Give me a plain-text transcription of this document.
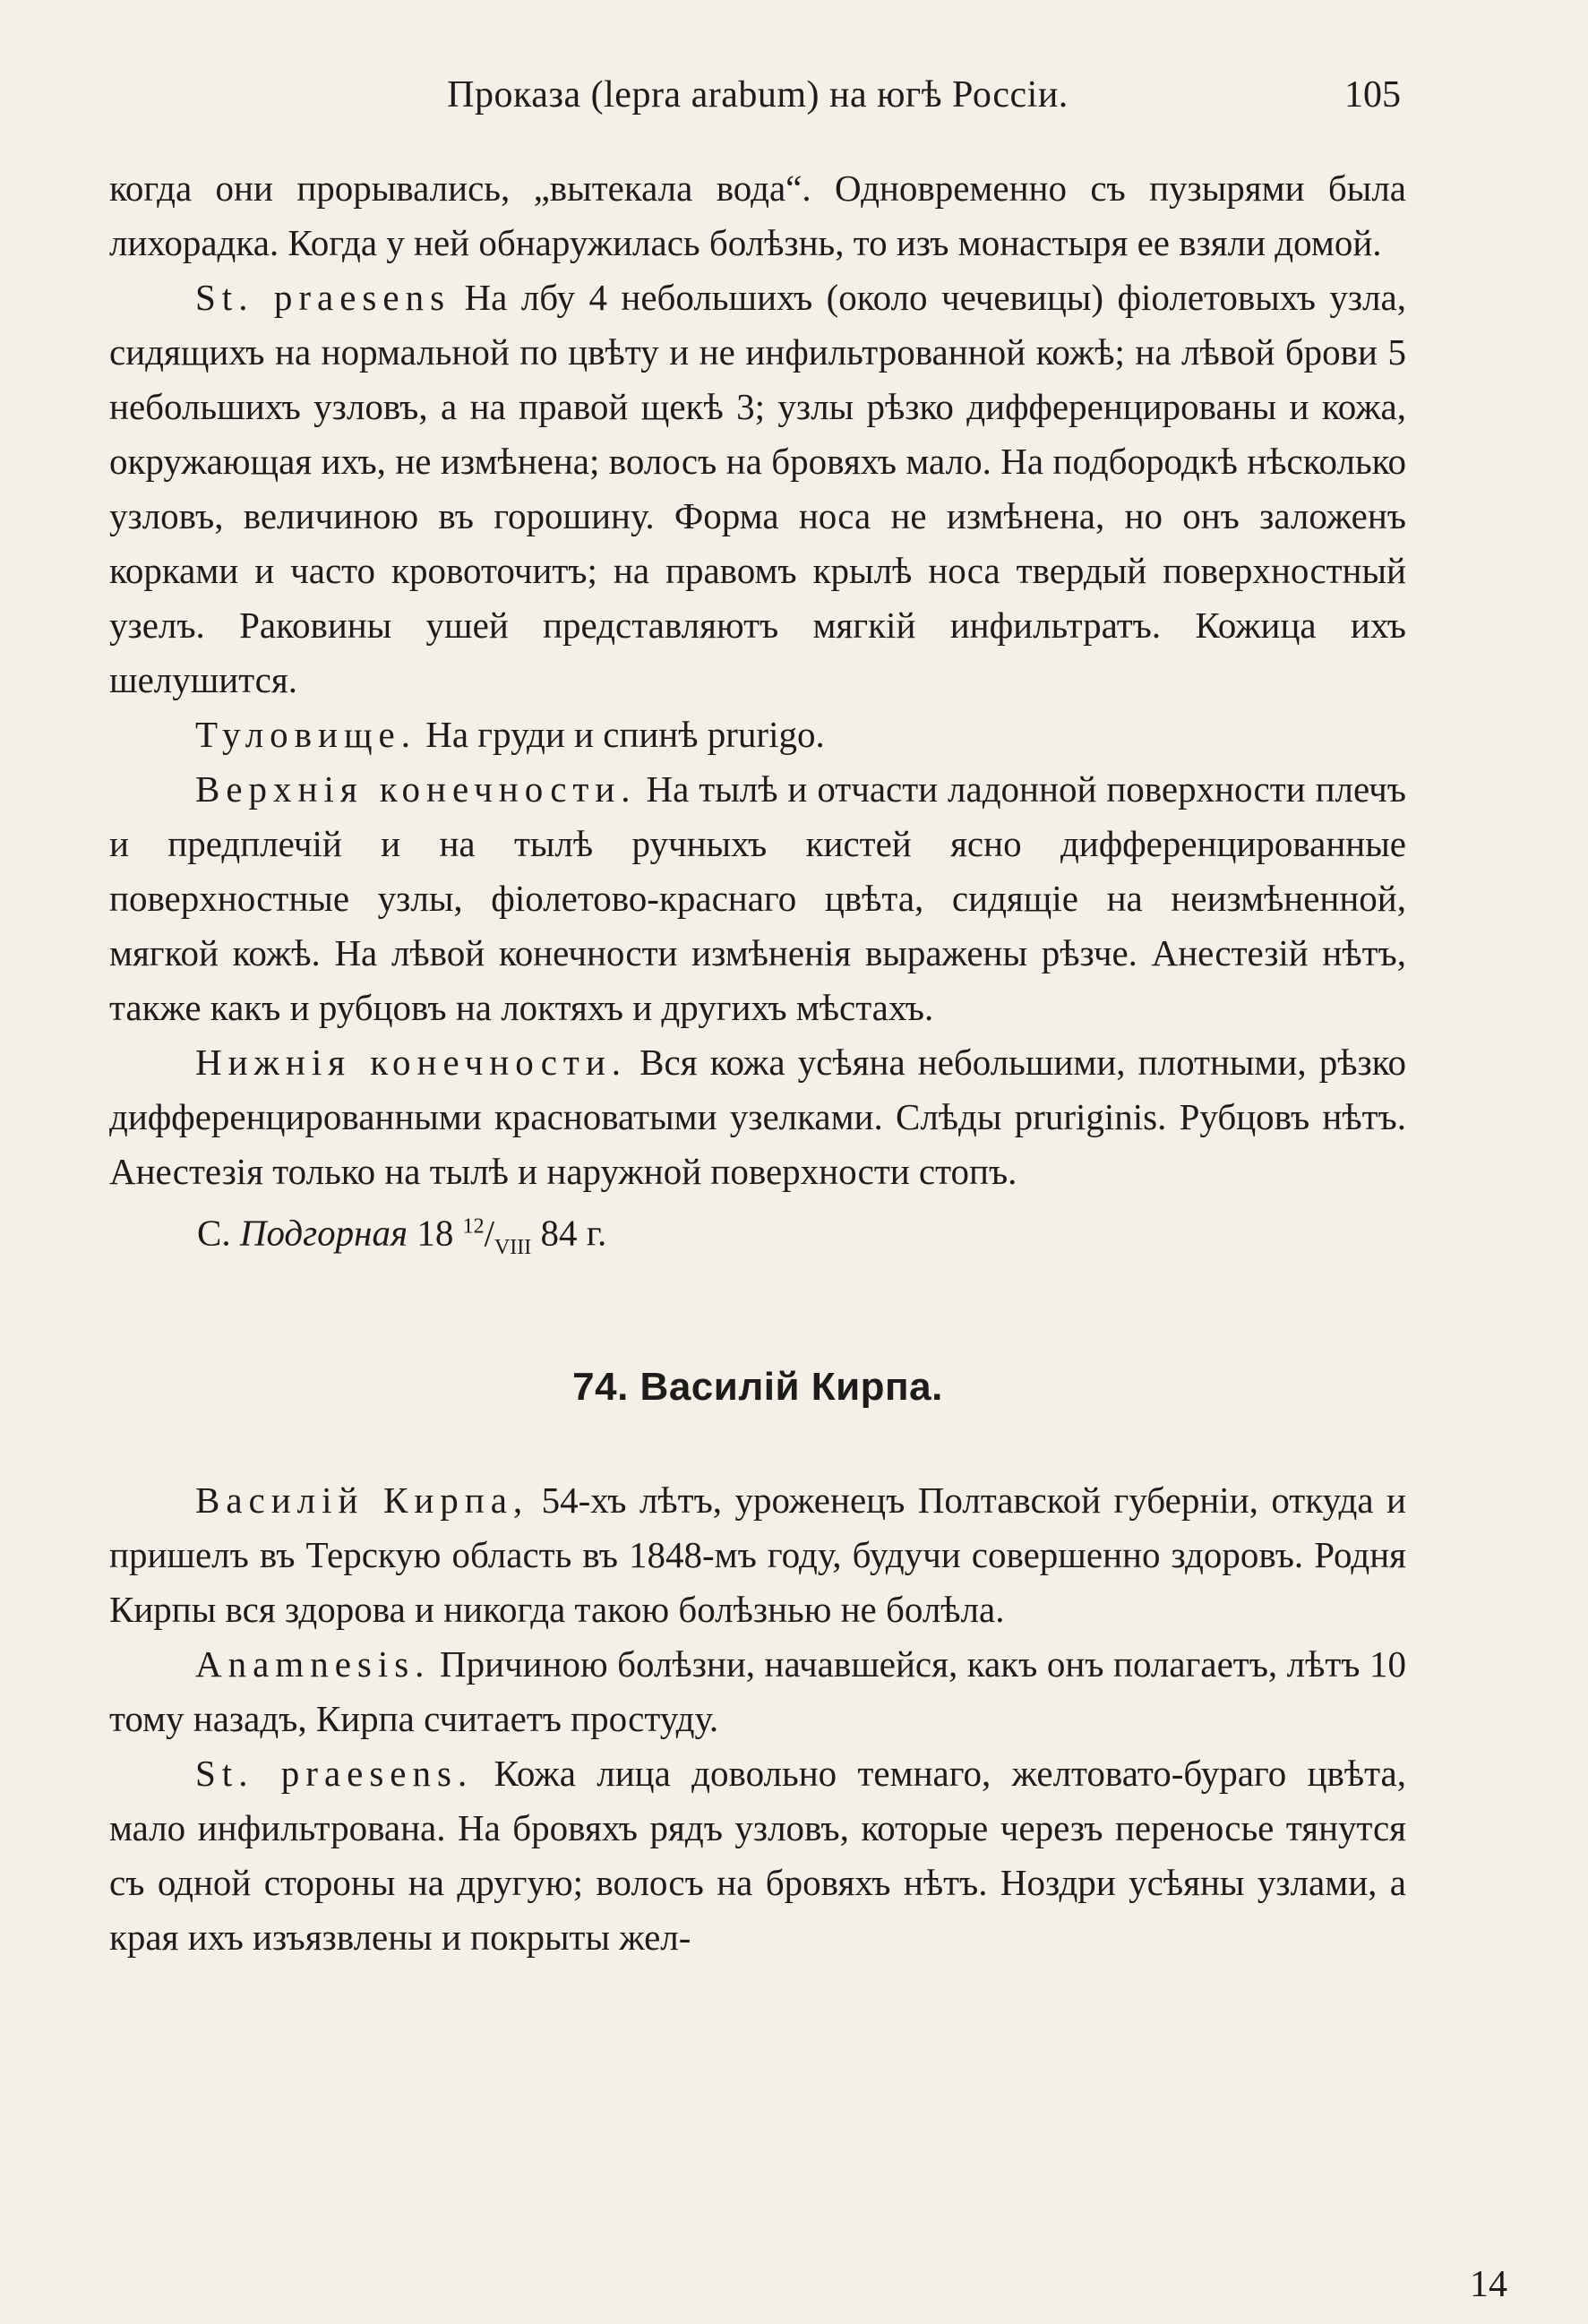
Проказа (lepra arabum) на югѣ Россіи.	105

когда они прорывались, „вытекала вода“. Одновременно съ пузырями была лихорадка. Когда у ней обнаружилась болѣзнь, то изъ монастыря ее взяли домой.

St. praesens На лбу 4 небольшихъ (около чечевицы) фіолетовыхъ узла, сидящихъ на нормальной по цвѣту и не инфильтрованной кожѣ; на лѣвой брови 5 небольшихъ узловъ, а на правой щекѣ 3; узлы рѣзко дифференцированы и кожа, окружающая ихъ, не измѣнена; волосъ на бровяхъ мало. На подбородкѣ нѣсколько узловъ, величиною въ горошину. Форма носа не измѣнена, но онъ заложенъ корками и часто кровоточитъ; на правомъ крылѣ носа твердый поверхностный узелъ. Раковины ушей представляютъ мягкій инфильтратъ. Кожица ихъ шелушится.

Туловище. На груди и спинѣ prurigo.

Верхнія конечности. На тылѣ и отчасти ладонной поверхности плечъ и предплечій и на тылѣ ручныхъ кистей ясно дифференцированные поверхностные узлы, фіолетово-краснаго цвѣта, сидящіе на неизмѣненной, мягкой кожѣ. На лѣвой конечности измѣненія выражены рѣзче. Анестезій нѣтъ, также какъ и рубцовъ на локтяхъ и другихъ мѣстахъ.

Нижнія конечности. Вся кожа усѣяна небольшими, плотными, рѣзко дифференцированными красноватыми узелками. Слѣды pruriginis. Рубцовъ нѣтъ. Анестезія только на тылѣ и наружной поверхности стопъ.

С. Подгорная 18 $^{12}/_{VIII}$ 84 г.

74. Василій Кирпа.

Василій Кирпа, 54-хъ лѣтъ, уроженецъ Полтавской губерніи, откуда и пришелъ въ Терскую область въ 1848-мъ году, будучи совершенно здоровъ. Родня Кирпы вся здорова и никогда такою болѣзнью не болѣла.

Anamnesis. Причиною болѣзни, начавшейся, какъ онъ полагаетъ, лѣтъ 10 тому назадъ, Кирпа считаетъ простуду.

St. praesens. Кожа лица довольно темнаго, желтовато-бураго цвѣта, мало инфильтрована. На бровяхъ рядъ узловъ, которые черезъ переносье тянутся съ одной стороны на другую; волосъ на бровяхъ нѣтъ. Ноздри усѣяны узлами, а края ихъ изъязвлены и покрыты жел-

14
